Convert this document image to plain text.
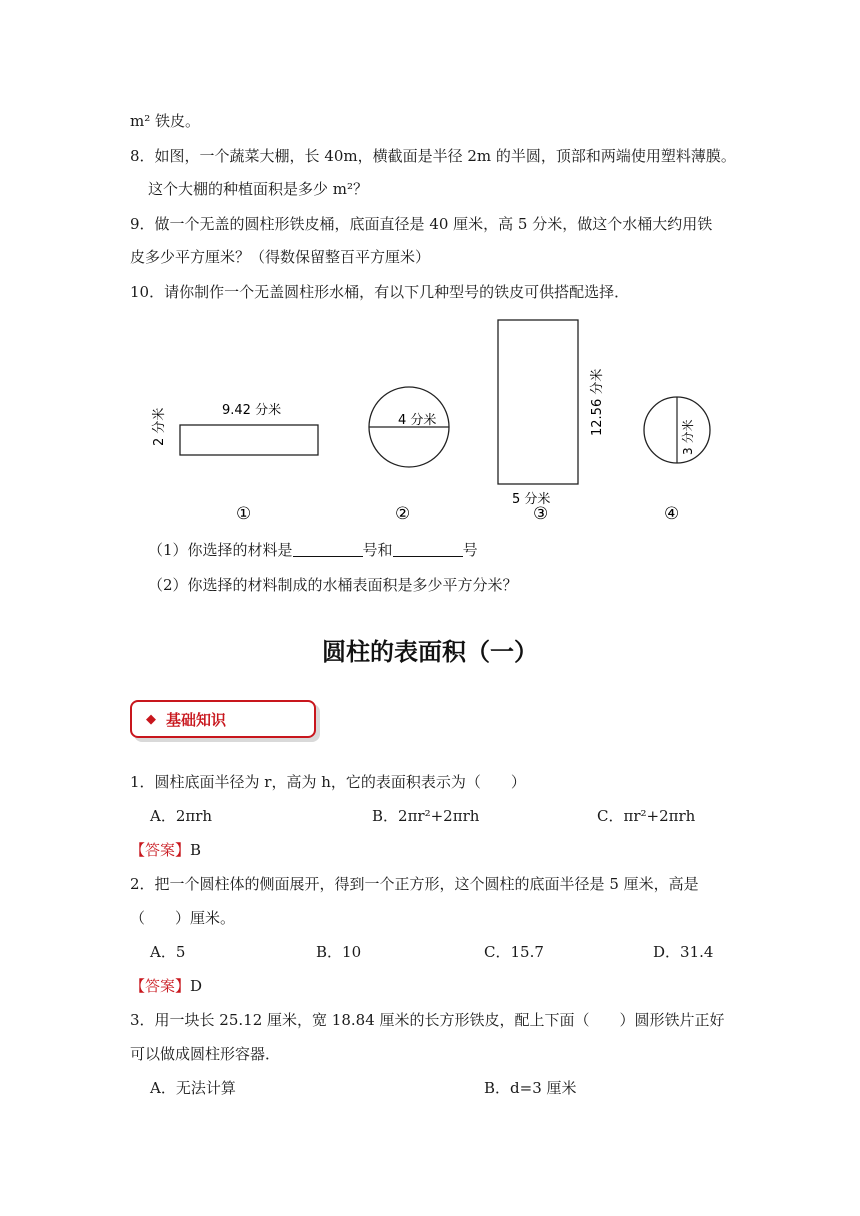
m² 铁皮。
8．如图，一个蔬菜大棚，长 40m，横截面是半径 2m 的半圆，顶部和两端使用塑料薄膜。
这个大棚的种植面积是多少 m²？
9．做一个无盖的圆柱形铁皮桶，底面直径是 40 厘米，高 5 分米，做这个水桶大约用铁
皮多少平方厘米？（得数保留整百平方厘米）
10．请你制作一个无盖圆柱形水桶，有以下几种型号的铁皮可供搭配选择．
9.42 分米
2 分米	4 分米	12.56 分米
5 分米
3 分米
①	②	③	④
（1）你选择的材料是	号和	号
（2）你选择的材料制成的水桶表面积是多少平方分米？
圆柱的表面积（一）
◆ 基础知识
1．圆柱底面半径为 r，高为 h，它的表面积表示为（　　）
A．2πrh	B．2πr²+2πrh	C．πr²+2πrh
【答案】B
2．把一个圆柱体的侧面展开，得到一个正方形，这个圆柱的底面半径是 5 厘米，高是
（　　）厘米。
A．5	B．10	C．15.7	D．31.4
【答案】D
3．用一块长 25.12 厘米，宽 18.84 厘米的长方形铁皮，配上下面（　　）圆形铁片正好
可以做成圆柱形容器．
A．无法计算	B．d=3 厘米
